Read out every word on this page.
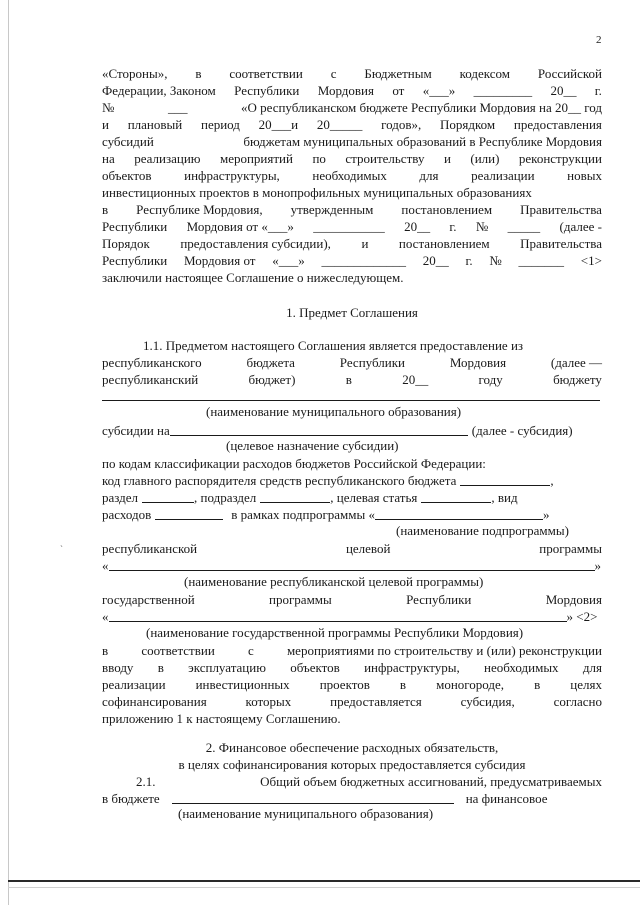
2
`
«Стороны», в соответствии с Бюджетным кодексом Российской
Федерации, Законом Республики Мордовия от «___» _________ 20__ г.
№	___	«О республиканском бюджете Республики Мордовия на 20__ год
и плановый период 20___и 20_____ годов», Порядком предоставления
субсидий	бюджетам муниципальных образований в Республике Мордовия
на реализацию мероприятий по строительству и (или) реконструкции
объектов	инфраструктуры,	необходимых	для	реализации	новых
инвестиционных проектов в монопрофильных муниципальных образованиях
в Республике Мордовия, утвержденным постановлением Правительства
Республики Мордовия от «___» ___________ 20__ г. № _____ (далее -
Порядок предоставления субсидии), и постановлением Правительства
Республики Мордовия от «___» _____________ 20__ г. № _______ <1>
заключили настоящее Соглашение о нижеследующем.
1. Предмет Соглашения
1.1. Предметом настоящего Соглашения является предоставление из
республиканского	бюджета	Республики	Мордовия	(далее —
республиканский	бюджет)	в	20__	году	бюджету
(наименование муниципального образования)
субсидии на	(далее - субсидия)
(целевое назначение субсидии)
по кодам классификации расходов бюджетов Российской Федерации:
код главного распорядителя средств республиканского бюджета	,
раздел	, подраздел	, целевая статья	, вид
расходов	в рамках подпрограммы «	»
(наименование подпрограммы)
республиканской	целевой	программы
«	»
(наименование республиканской целевой программы)
государственной	программы	Республики	Мордовия
«	» <2>
(наименование государственной программы Республики Мордовия)
в	соответствии	с	мероприятиями по строительству и (или) реконструкции
вводу в эксплуатацию объектов инфраструктуры, необходимых для
реализации инвестиционных проектов в моногороде, в целях
софинансирования	которых	предоставляется	субсидия,	согласно
приложению 1 к настоящему Соглашению.
2. Финансовое обеспечение расходных обязательств,
в целях софинансирования которых предоставляется субсидия
2.1.	Общий объем бюджетных ассигнований, предусматриваемых
в бюджете	на финансовое
(наименование муниципального образования)
